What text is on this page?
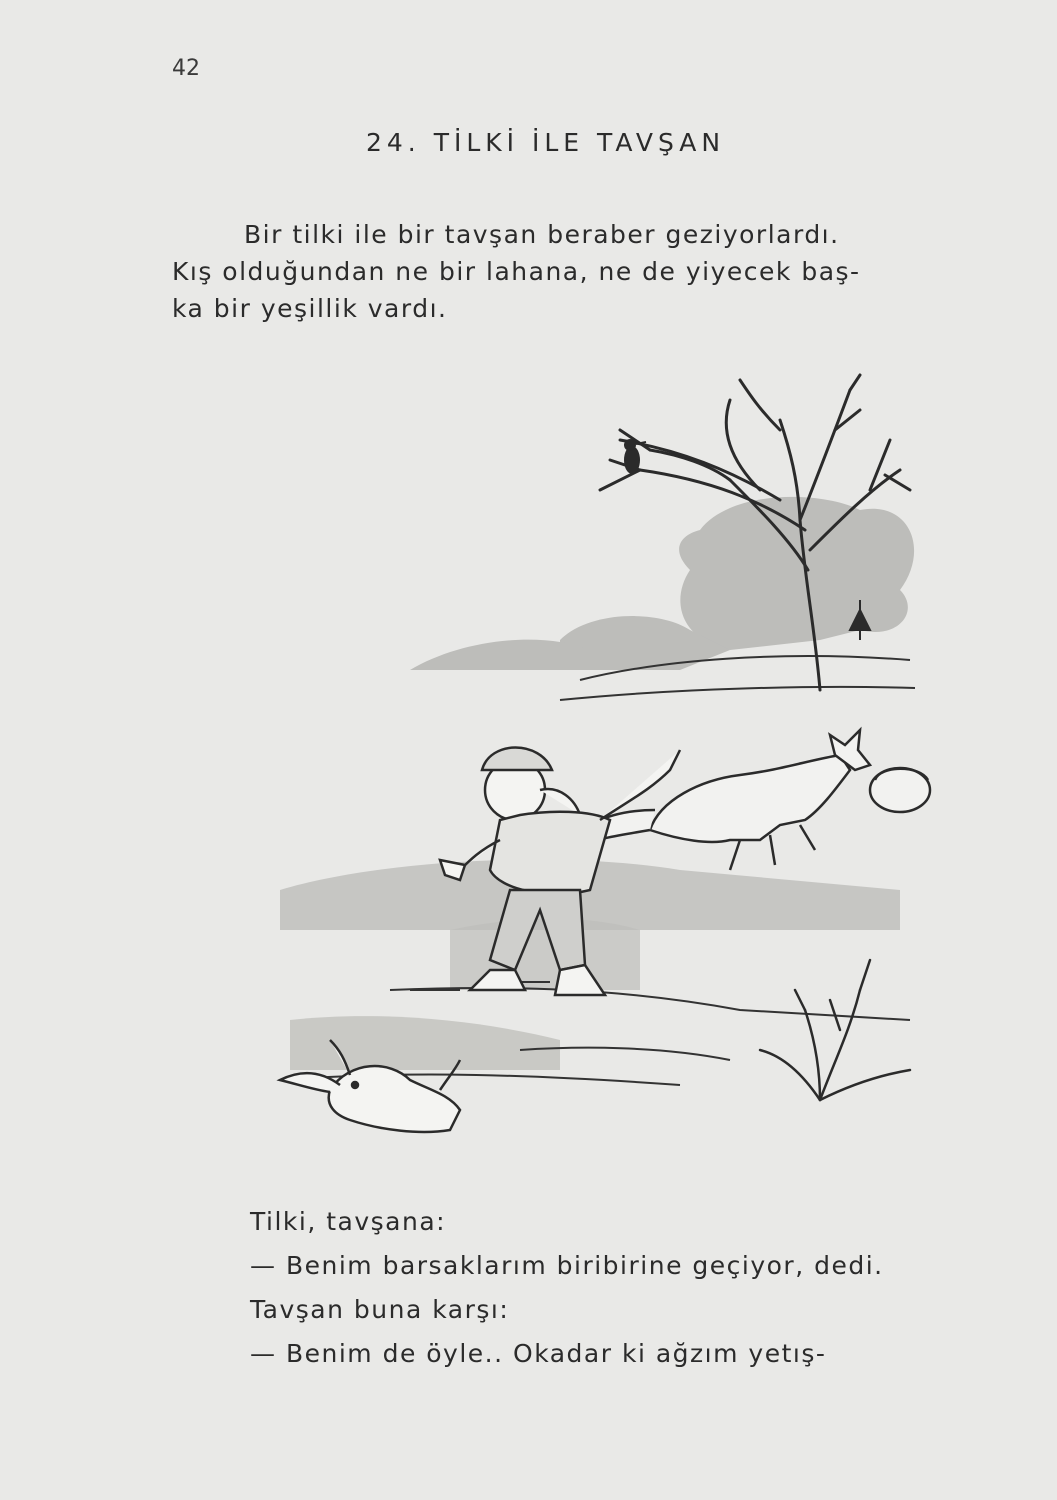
42
24. TİLKİ İLE TAVŞAN
Bir tilki ile bir tavşan beraber geziyorlardı.
Kış olduğundan ne bir lahana, ne de yiyecek baş-
ka bir yeşillik vardı.
Tilki, tavşana:
— Benim barsaklarım biribirine geçiyor, dedi.
Tavşan buna karşı:
— Benim de öyle.. Okadar ki ağzım yetış-
